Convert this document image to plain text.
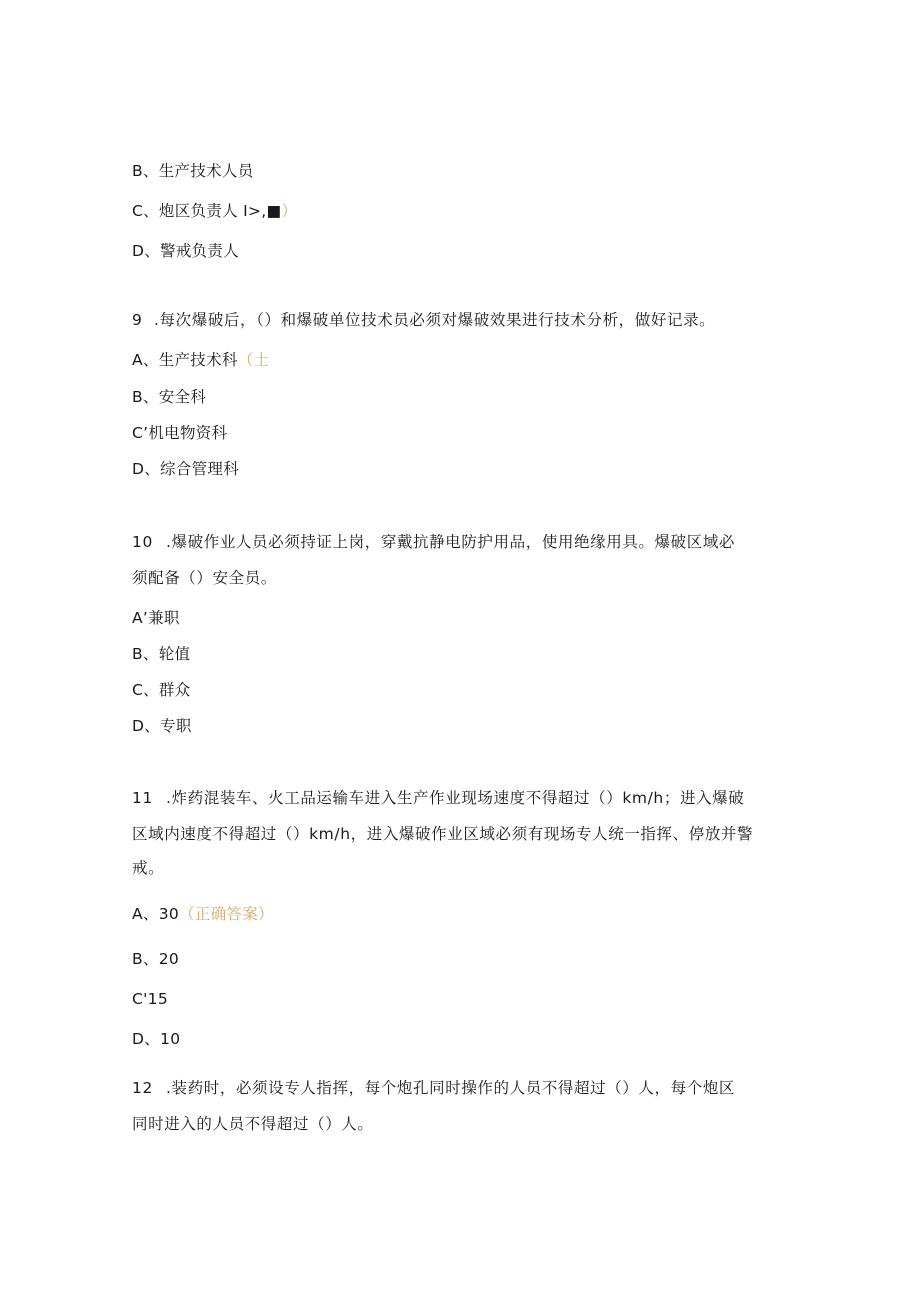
B、生产技术人员
C、炮区负责人 I>,■）
D、警戒负责人
9 .每次爆破后，（）和爆破单位技术员必须对爆破效果进行技术分析，做好记录。
A、生产技术科（土
B、安全科
C’机电物资科
D、综合管理科
10 .爆破作业人员必须持证上岗，穿戴抗静电防护用品，使用绝缘用具。爆破区域必
须配备（）安全员。
A’兼职
B、轮值
C、群众
D、专职
11 .炸药混装车、火工品运输车进入生产作业现场速度不得超过（）km/h；进入爆破
区域内速度不得超过（）km/h，进入爆破作业区域必须有现场专人统一指挥、停放并警
戒。
A、30（正确答案）
B、20
C'15
D、10
12 .装药时，必须设专人指挥，每个炮孔同时操作的人员不得超过（）人，每个炮区
同时进入的人员不得超过（）人。
